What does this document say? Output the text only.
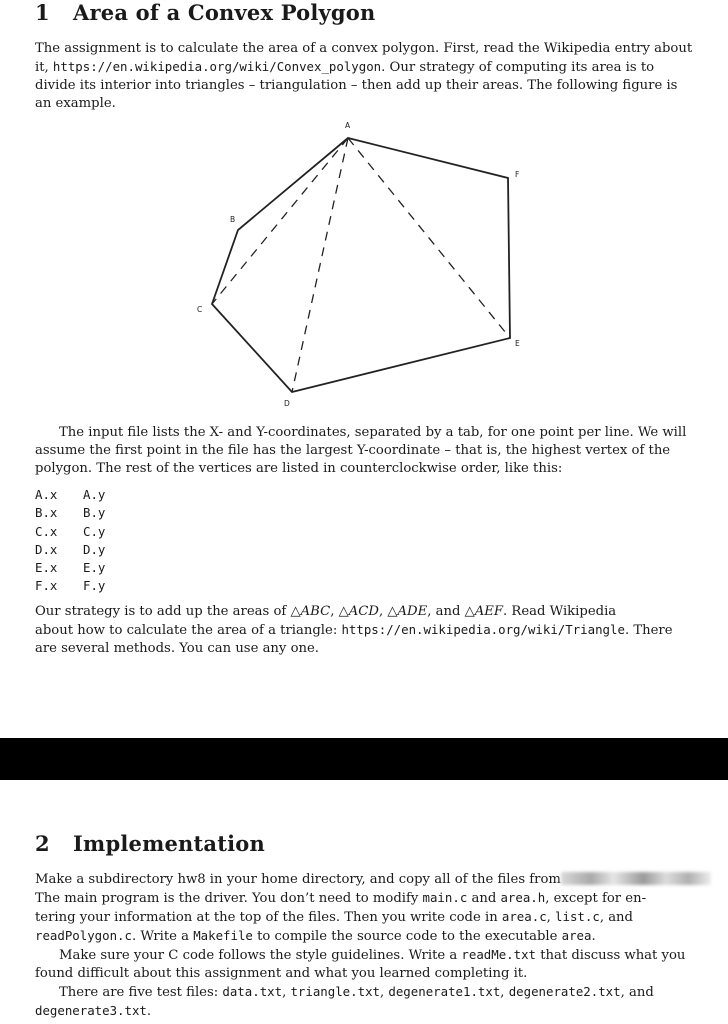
1 Area of a Convex Polygon
The assignment is to calculate the area of a convex polygon. First, read the Wikipedia entry about
it, https://en.wikipedia.org/wiki/Convex_polygon. Our strategy of computing its area is to
divide its interior into triangles – triangulation – then add up their areas. The following figure is
an example.
A
B
C
D
E
F
The input file lists the X- and Y-coordinates, separated by a tab, for one point per line. We will
assume the first point in the file has the largest Y-coordinate – that is, the highest vertex of the
polygon. The rest of the vertices are listed in counterclockwise order, like this:
A.x A.y
B.x B.y
C.x C.y
D.x D.y
E.x E.y
F.x F.y
Our strategy is to add up the areas of △ABC, △ACD, △ADE, and △AEF. Read Wikipedia
about how to calculate the area of a triangle: https://en.wikipedia.org/wiki/Triangle. There
are several methods. You can use any one.
2 Implementation
Make a subdirectory hw8 in your home directory, and copy all of the files from
The main program is the driver. You don’t need to modify main.c and area.h, except for en-
tering your information at the top of the files. Then you write code in area.c, list.c, and
readPolygon.c. Write a Makefile to compile the source code to the executable area.
Make sure your C code follows the style guidelines. Write a readMe.txt that discuss what you
found difficult about this assignment and what you learned completing it.
There are five test files: data.txt, triangle.txt, degenerate1.txt, degenerate2.txt, and
degenerate3.txt.
